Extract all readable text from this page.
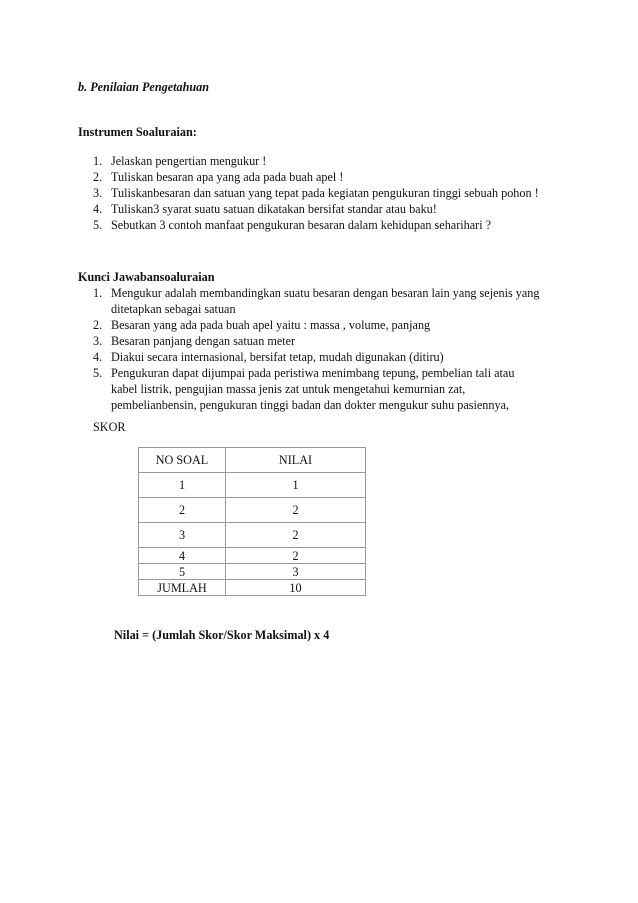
b. Penilaian Pengetahuan

Instrumen Soaluraian:

1. Jelaskan pengertian mengukur !
2. Tuliskan besaran apa yang ada pada buah apel !
3. Tuliskanbesaran dan satuan yang tepat pada kegiatan pengukuran tinggi sebuah pohon !
4. Tuliskan3 syarat suatu satuan dikatakan bersifat standar atau baku!
5. Sebutkan 3 contoh manfaat pengukuran besaran dalam kehidupan seharihari ?

Kunci Jawabansoaluraian

1. Mengukur adalah membandingkan suatu besaran dengan besaran lain yang sejenis yang ditetapkan sebagai satuan
2. Besaran yang ada pada buah apel yaitu : massa , volume, panjang
3. Besaran panjang dengan satuan meter
4. Diakui secara internasional, bersifat tetap, mudah digunakan (ditiru)
5. Pengukuran dapat dijumpai pada peristiwa menimbang tepung, pembelian tali atau kabel listrik, pengujian massa jenis zat untuk mengetahui kemurnian zat, pembelianbensin, pengukuran tinggi badan dan dokter mengukur suhu pasiennya,

SKOR

NO SOAL	NILAI
1	1
2	2
3	2
4	2
5	3
JUMLAH	10

Nilai = (Jumlah Skor/Skor Maksimal) x 4
